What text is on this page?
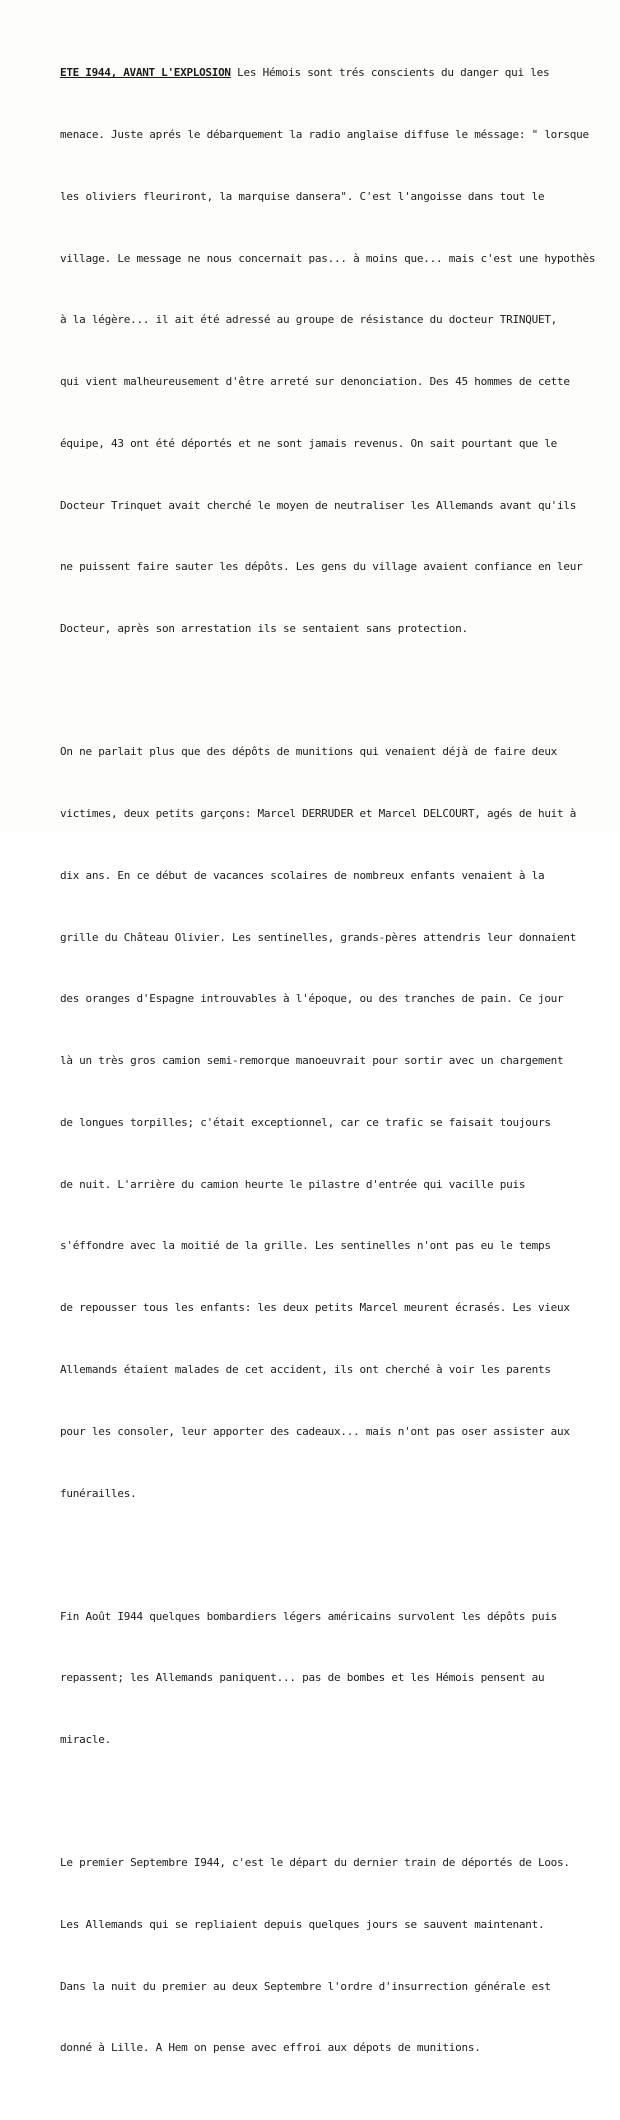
ETE I944, AVANT L'EXPLOSION Les Hémois sont trés conscients du danger qui les

menace. Juste aprés le débarquement la radio anglaise diffuse le méssage: " lorsque

les oliviers fleuriront, la marquise dansera". C'est l'angoisse dans tout le

village. Le message ne nous concernait pas... à moins que... mais c'est une hypothès

à la légère... il ait été adressé au groupe de résistance du docteur TRINQUET,

qui vient malheureusement d'être arreté sur denonciation. Des 45 hommes de cette

équipe, 43 ont été déportés et ne sont jamais revenus. On sait pourtant que le

Docteur Trinquet avait cherché le moyen de neutraliser les Allemands avant qu'ils

ne puissent faire sauter les dépôts. Les gens du village avaient confiance en leur

Docteur, après son arrestation ils se sentaient sans protection.

On ne parlait plus que des dépôts de munitions qui venaient déjà de faire deux

victimes, deux petits garçons: Marcel DERRUDER et Marcel DELCOURT, agés de huit à

dix ans. En ce début de vacances scolaires de nombreux enfants venaient à la

grille du Château Olivier. Les sentinelles, grands-pères attendris leur donnaient

des oranges d'Espagne introuvables à l'époque, ou des tranches de pain. Ce jour

là un très gros camion semi-remorque manoeuvrait pour sortir avec un chargement

de longues torpilles; c'était exceptionnel, car ce trafic se faisait toujours

de nuit. L'arrière du camion heurte le pilastre d'entrée qui vacille puis

s'éffondre avec la moitié de la grille. Les sentinelles n'ont pas eu le temps

de repousser tous les enfants: les deux petits Marcel meurent écrasés. Les vieux

Allemands étaient malades de cet accident, ils ont cherché à voir les parents

pour les consoler, leur apporter des cadeaux... mais n'ont pas oser assister aux

funérailles.

Fin Août I944 quelques bombardiers légers américains survolent les dépôts puis

repassent; les Allemands paniquent... pas de bombes et les Hémois pensent au

miracle.

Le premier Septembre I944, c'est le départ du dernier train de déportés de Loos.

Les Allemands qui se repliaient depuis quelques jours se sauvent maintenant.

Dans la nuit du premier au deux Septembre l'ordre d'insurrection générale est

donné à Lille. A Hem on pense avec effroi aux dépots de munitions.
